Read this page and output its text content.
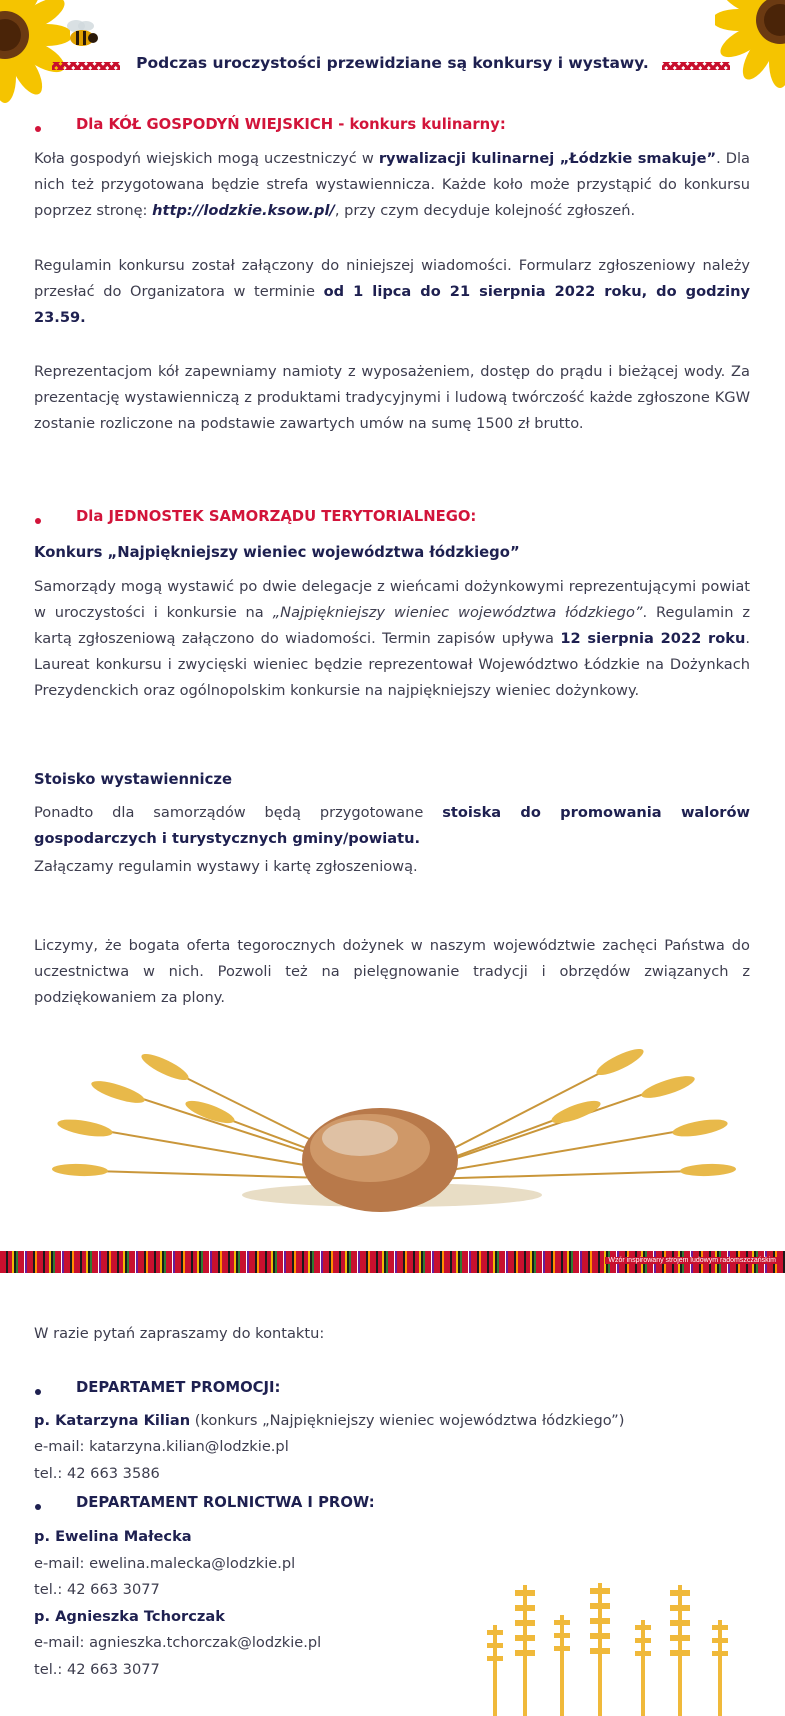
Podczas uroczystości przewidziane są konkursy i wystawy.
Dla KÓŁ GOSPODYŃ WIEJSKICH - konkurs kulinarny:
Koła gospodyń wiejskich mogą uczestniczyć w rywalizacji kulinarnej „Łódzkie smakuje”. Dla nich też przygotowana będzie strefa wystawiennicza. Każde koło może przystąpić do konkursu poprzez stronę: http://lodzkie.ksow.pl/, przy czym decyduje kolejność zgłoszeń.
Regulamin konkursu został załączony do niniejszej wiadomości. Formularz zgłoszeniowy należy przesłać do Organizatora w terminie od 1 lipca do 21 sierpnia 2022 roku, do godziny 23.59.
Reprezentacjom kół zapewniamy namioty z wyposażeniem, dostęp do prądu i bieżącej wody. Za prezentację wystawienniczą z produktami tradycyjnymi i ludową twórczość każde zgłoszone KGW zostanie rozliczone na podstawie zawartych umów na sumę 1500 zł brutto.
Dla JEDNOSTEK SAMORZĄDU TERYTORIALNEGO:
Konkurs „Najpiękniejszy wieniec województwa łódzkiego”
Samorządy mogą wystawić po dwie delegacje z wieńcami dożynkowymi reprezentującymi powiat w uroczystości i konkursie na „Najpiękniejszy wieniec województwa łódzkiego”. Regulamin z kartą zgłoszeniową załączono do wiadomości. Termin zapisów upływa 12 sierpnia 2022 roku. Laureat konkursu i zwycięski wieniec będzie reprezentował Województwo Łódzkie na Dożynkach Prezydenckich oraz ogólnopolskim konkursie na najpiękniejszy wieniec dożynkowy.
Stoisko wystawiennicze
Ponadto dla samorządów będą przygotowane stoiska do promowania walorów gospodarczych i turystycznych gminy/powiatu.
Załączamy regulamin wystawy i kartę zgłoszeniową.
Liczymy, że bogata oferta tegorocznych dożynek w naszym województwie zachęci Państwa do uczestnictwa w nich. Pozwoli też na pielęgnowanie tradycji i obrzędów związanych z podziękowaniem za plony.
Wzór inspirowany strojem ludowym radomszczańskim
W razie pytań zapraszamy do kontaktu:
DEPARTAMET PROMOCJI:
p. Katarzyna Kilian (konkurs „Najpiękniejszy wieniec województwa łódzkiego”)
e-mail: katarzyna.kilian@lodzkie.pl
tel.: 42 663 3586
DEPARTAMENT ROLNICTWA I PROW:
p. Ewelina Małecka
e-mail: ewelina.malecka@lodzkie.pl
tel.: 42 663 3077
p. Agnieszka Tchorczak
e-mail: agnieszka.tchorczak@lodzkie.pl
tel.: 42 663 3077
